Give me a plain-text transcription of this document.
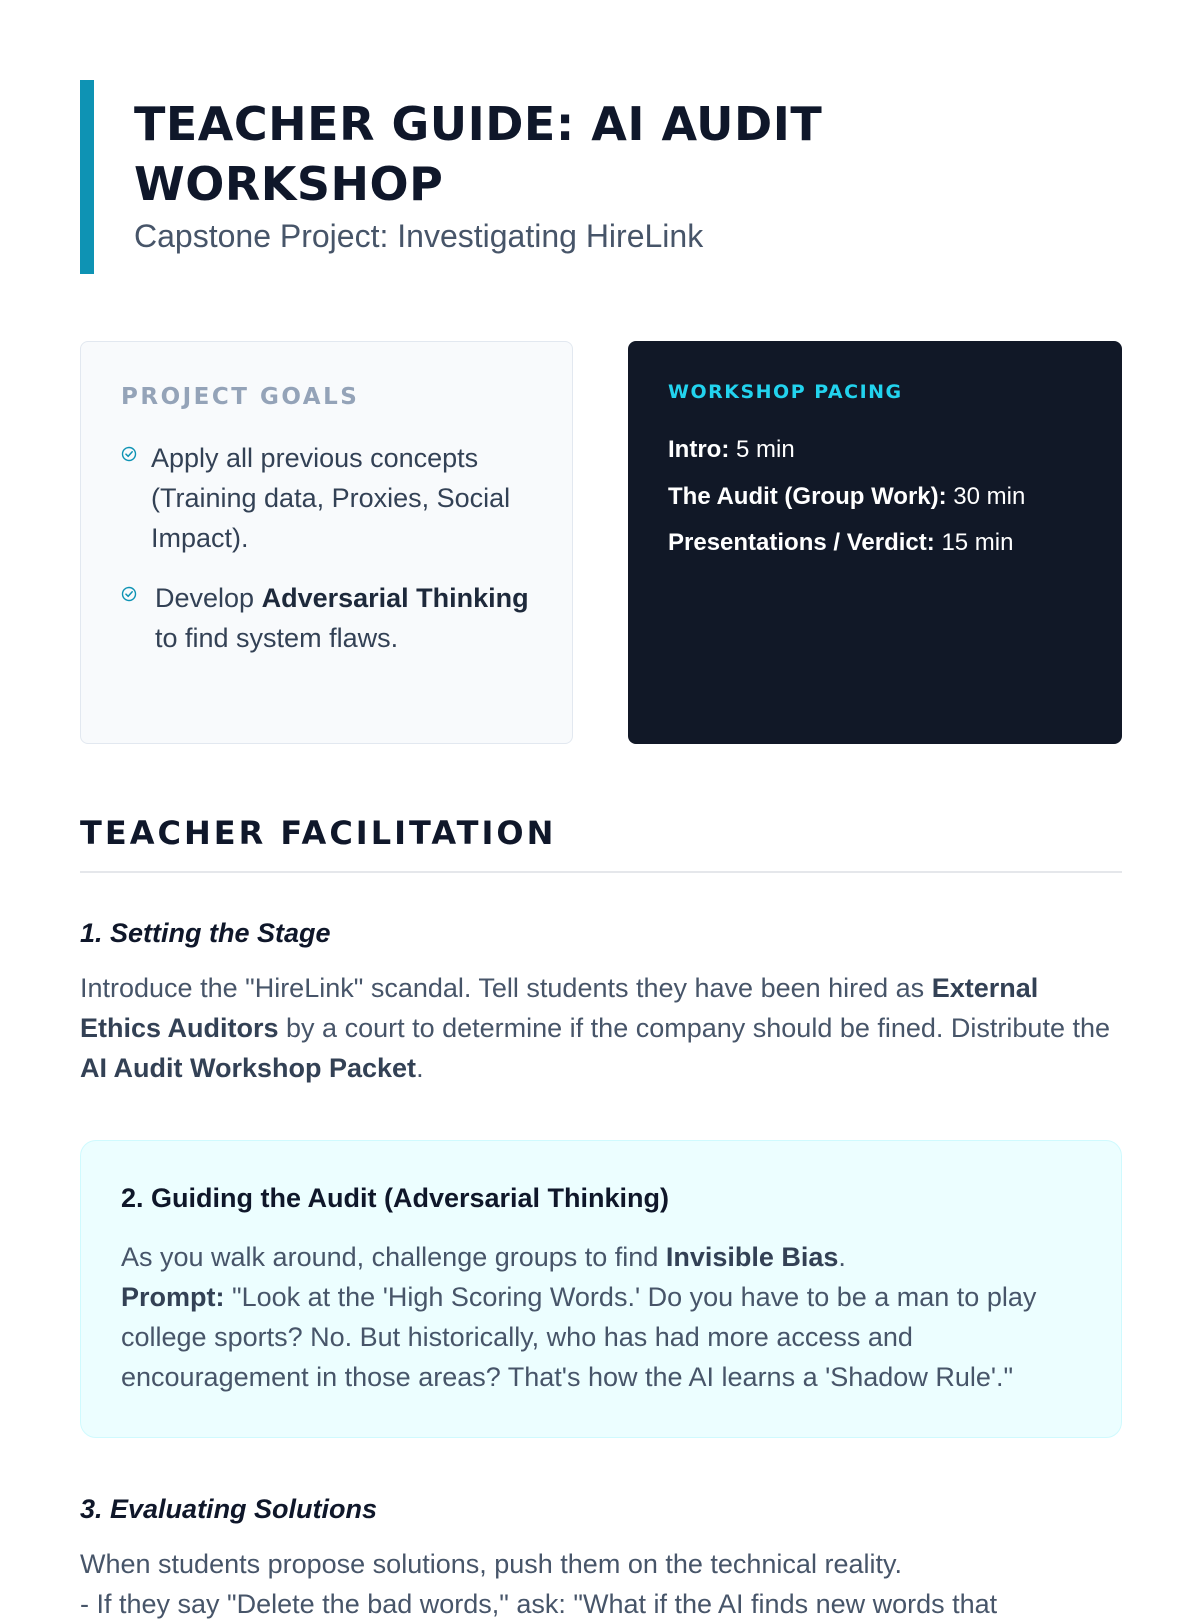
TEACHER GUIDE: AI AUDIT WORKSHOP
Capstone Project: Investigating HireLink
PROJECT GOALS
Apply all previous concepts (Training data, Proxies, Social Impact).
Develop Adversarial Thinking to find system flaws.
WORKSHOP PACING
Intro: 5 min
The Audit (Group Work): 30 min
Presentations / Verdict: 15 min
TEACHER FACILITATION
1. Setting the Stage

Introduce the "HireLink" scandal. Tell students they have been hired as External Ethics Auditors by a court to determine if the company should be fined. Distribute the AI Audit Workshop Packet.

2. Guiding the Audit (Adversarial Thinking)

As you walk around, challenge groups to find Invisible Bias.
Prompt: "Look at the 'High Scoring Words.' Do you have to be a man to play college sports? No. But historically, who has had more access and encouragement in those areas? That's how the AI learns a 'Shadow Rule'."

3. Evaluating Solutions

When students propose solutions, push them on the technical reality.
- If they say "Delete the bad words," ask: "What if the AI finds new words that
